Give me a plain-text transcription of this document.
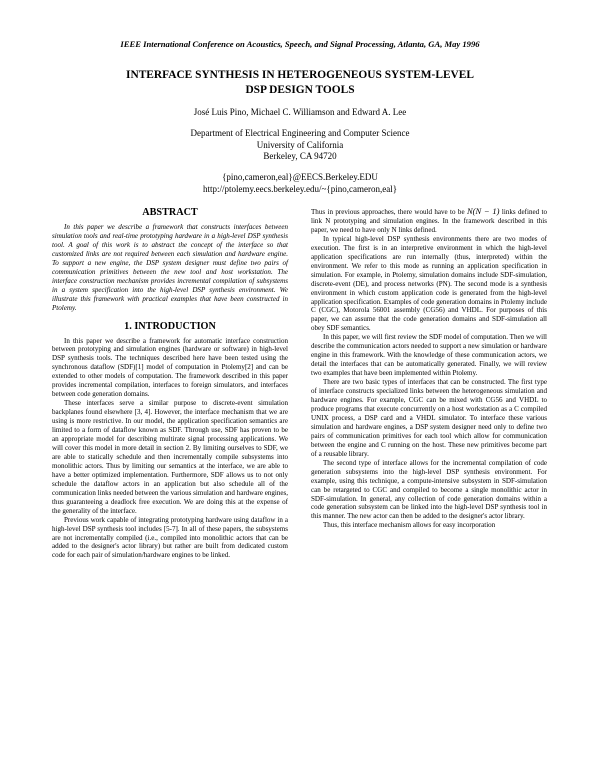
IEEE International Conference on Acoustics, Speech, and Signal Processing, Atlanta, GA, May 1996
INTERFACE SYNTHESIS IN HETEROGENEOUS SYSTEM-LEVEL
DSP DESIGN TOOLS
José Luis Pino, Michael C. Williamson and Edward A. Lee
Department of Electrical Engineering and Computer Science
University of California
Berkeley, CA 94720
{pino,cameron,eal}@EECS.Berkeley.EDU
http://ptolemy.eecs.berkeley.edu/~{pino,cameron,eal}
ABSTRACT

In this paper we describe a framework that constructs interfaces between simulation tools and real-time prototyping hardware in a high-level DSP synthesis tool. A goal of this work is to abstract the concept of the interface so that customized links are not required between each simulation and hardware engine. To support a new engine, the DSP system designer must define two pairs of communication primitives between the new tool and host workstation. The interface construction mechanism provides incremental compilation of subsystems in a system specification into the high-level DSP synthesis environment. We illustrate this framework with practical examples that have been constructed in Ptolemy.

1. INTRODUCTION

In this paper we describe a framework for automatic interface construction between prototyping and simulation engines (hardware or software) in high-level DSP synthesis tools. The techniques described here have been tested using the synchronous dataflow (SDF)[1] model of computation in Ptolemy[2] and can be extended to other models of computation. The framework described in this paper provides incremental compilation, interfaces to foreign simulators, and interfaces between code generation domains.

These interfaces serve a similar purpose to discrete-event simulation backplanes found elsewhere [3, 4]. However, the interface mechanism that we are using is more restrictive. In our model, the application specification semantics are limited to a form of dataflow known as SDF. Through use, SDF has proven to be an appropriate model for describing multirate signal processing applications. We will cover this model in more detail in section 2. By limiting ourselves to SDF, we are able to statically schedule and then incrementally compile subsystems into monolithic actors. Thus by limiting our semantics at the interface, we are able to have a better optimized implementation. Furthermore, SDF allows us to not only schedule the dataflow actors in an application but also schedule all of the communication links needed between the various simulation and hardware engines, thus guaranteeing a deadlock free execution. We are doing this at the expense of the generality of the interface.

Previous work capable of integrating prototyping hardware using dataflow in a high-level DSP synthesis tool includes [5-7]. In all of these papers, the subsystems are not incrementally compiled (i.e., compiled into monolithic actors that can be added to the designer's actor library) but rather are built from dedicated custom code for each pair of simulation/hardware engines to be linked.

Thus in previous approaches, there would have to be N(N − 1) links defined to link N prototyping and simulation engines. In the framework described in this paper, we need to have only N links defined.

In typical high-level DSP synthesis environments there are two modes of execution. The first is in an interpretive environment in which the high-level application specifications are run internally (thus, interpreted) within the environment. We refer to this mode as running an application specification in simulation. For example, in Ptolemy, simulation domains include SDF-simulation, discrete-event (DE), and process networks (PN). The second mode is a synthesis environment in which custom application code is generated from the high-level application specification. Examples of code generation domains in Ptolemy include C (CGC), Motorola 56001 assembly (CG56) and VHDL. For purposes of this paper, we can assume that the code generation domains and SDF-simulation all obey SDF semantics.

In this paper, we will first review the SDF model of computation. Then we will describe the communication actors needed to support a new simulation or hardware engine in this framework. With the knowledge of these communication actors, we detail the interfaces that can be automatically generated. Finally, we will review two examples that have been implemented within Ptolemy.

There are two basic types of interfaces that can be constructed. The first type of interface constructs specialized links between the heterogeneous simulation and hardware engines. For example, CGC can be mixed with CG56 and VHDL to produce programs that execute concurrently on a host workstation as a C compiled UNIX process, a DSP card and a VHDL simulator. To interface these various simulation and hardware engines, a DSP system designer need only to define two pairs of communication primitives for each tool which allow for communication between the engine and C running on the host. These new primitives become part of a reusable library.

The second type of interface allows for the incremental compilation of code generation subsystems into the high-level DSP synthesis environment. For example, using this technique, a compute-intensive subsystem in SDF-simulation can be retargeted to CGC and compiled to become a single monolithic actor in SDF-simulation. In general, any collection of code generation domains within a code generation subsystem can be linked into the high-level DSP synthesis tool in this manner. The new actor can then be added to the designer's actor library.

Thus, this interface mechanism allows for easy incorporation
